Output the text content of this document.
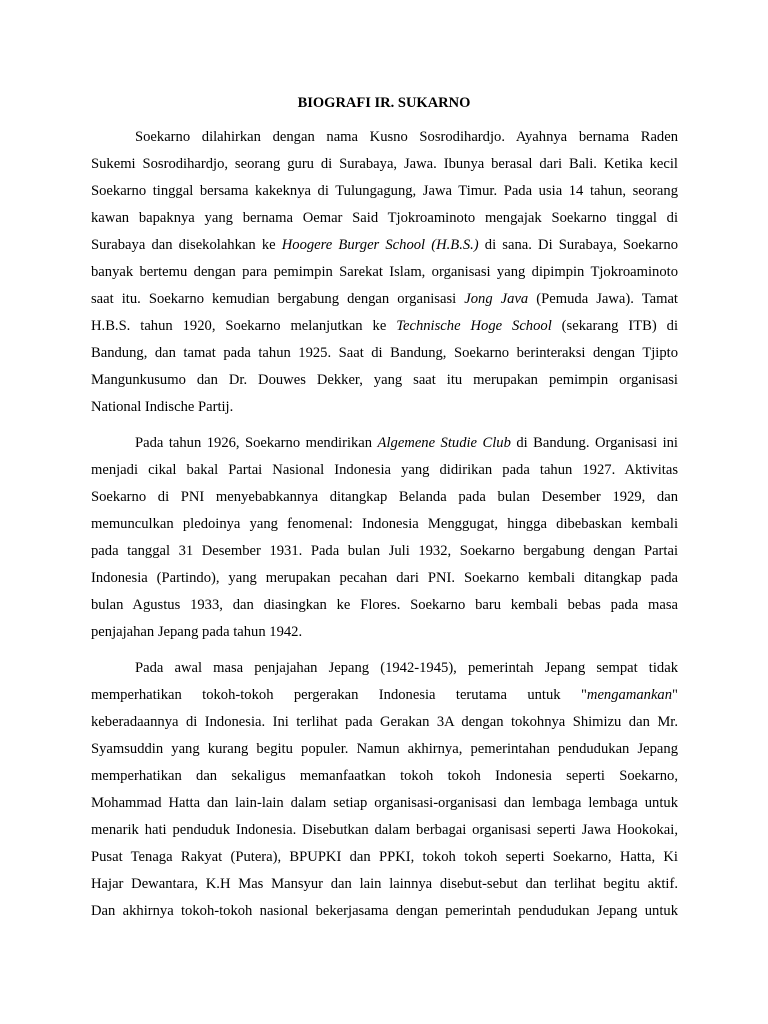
BIOGRAFI IR. SUKARNO
Soekarno dilahirkan dengan nama Kusno Sosrodihardjo. Ayahnya bernama Raden
Sukemi Sosrodihardjo, seorang guru di Surabaya, Jawa. Ibunya berasal dari Bali. Ketika kecil
Soekarno tinggal bersama kakeknya di Tulungagung, Jawa Timur. Pada usia 14 tahun, seorang
kawan bapaknya yang bernama Oemar Said Tjokroaminoto mengajak Soekarno tinggal di
Surabaya dan disekolahkan ke Hoogere Burger School (H.B.S.) di sana. Di Surabaya, Soekarno
banyak bertemu dengan para pemimpin Sarekat Islam, organisasi yang dipimpin Tjokroaminoto
saat itu. Soekarno kemudian bergabung dengan organisasi Jong Java (Pemuda Jawa). Tamat
H.B.S. tahun 1920, Soekarno melanjutkan ke Technische Hoge School (sekarang ITB) di
Bandung, dan tamat pada tahun 1925. Saat di Bandung, Soekarno berinteraksi dengan Tjipto
Mangunkusumo dan Dr. Douwes Dekker, yang saat itu merupakan pemimpin organisasi
National Indische Partij.
Pada tahun 1926, Soekarno mendirikan Algemene Studie Club di Bandung. Organisasi ini
menjadi cikal bakal Partai Nasional Indonesia yang didirikan pada tahun 1927. Aktivitas
Soekarno di PNI menyebabkannya ditangkap Belanda pada bulan Desember 1929, dan
memunculkan pledoinya yang fenomenal: Indonesia Menggugat, hingga dibebaskan kembali
pada tanggal 31 Desember 1931. Pada bulan Juli 1932, Soekarno bergabung dengan Partai
Indonesia (Partindo), yang merupakan pecahan dari PNI. Soekarno kembali ditangkap pada
bulan Agustus 1933, dan diasingkan ke Flores. Soekarno baru kembali bebas pada masa
penjajahan Jepang pada tahun 1942.
Pada awal masa penjajahan Jepang (1942-1945), pemerintah Jepang sempat tidak
memperhatikan tokoh-tokoh pergerakan Indonesia terutama untuk "mengamankan"
keberadaannya di Indonesia. Ini terlihat pada Gerakan 3A dengan tokohnya Shimizu dan Mr.
Syamsuddin yang kurang begitu populer. Namun akhirnya, pemerintahan pendudukan Jepang
memperhatikan dan sekaligus memanfaatkan tokoh tokoh Indonesia seperti Soekarno,
Mohammad Hatta dan lain-lain dalam setiap organisasi-organisasi dan lembaga lembaga untuk
menarik hati penduduk Indonesia. Disebutkan dalam berbagai organisasi seperti Jawa Hookokai,
Pusat Tenaga Rakyat (Putera), BPUPKI dan PPKI, tokoh tokoh seperti Soekarno, Hatta, Ki
Hajar Dewantara, K.H Mas Mansyur dan lain lainnya disebut-sebut dan terlihat begitu aktif.
Dan akhirnya tokoh-tokoh nasional bekerjasama dengan pemerintah pendudukan Jepang untuk
